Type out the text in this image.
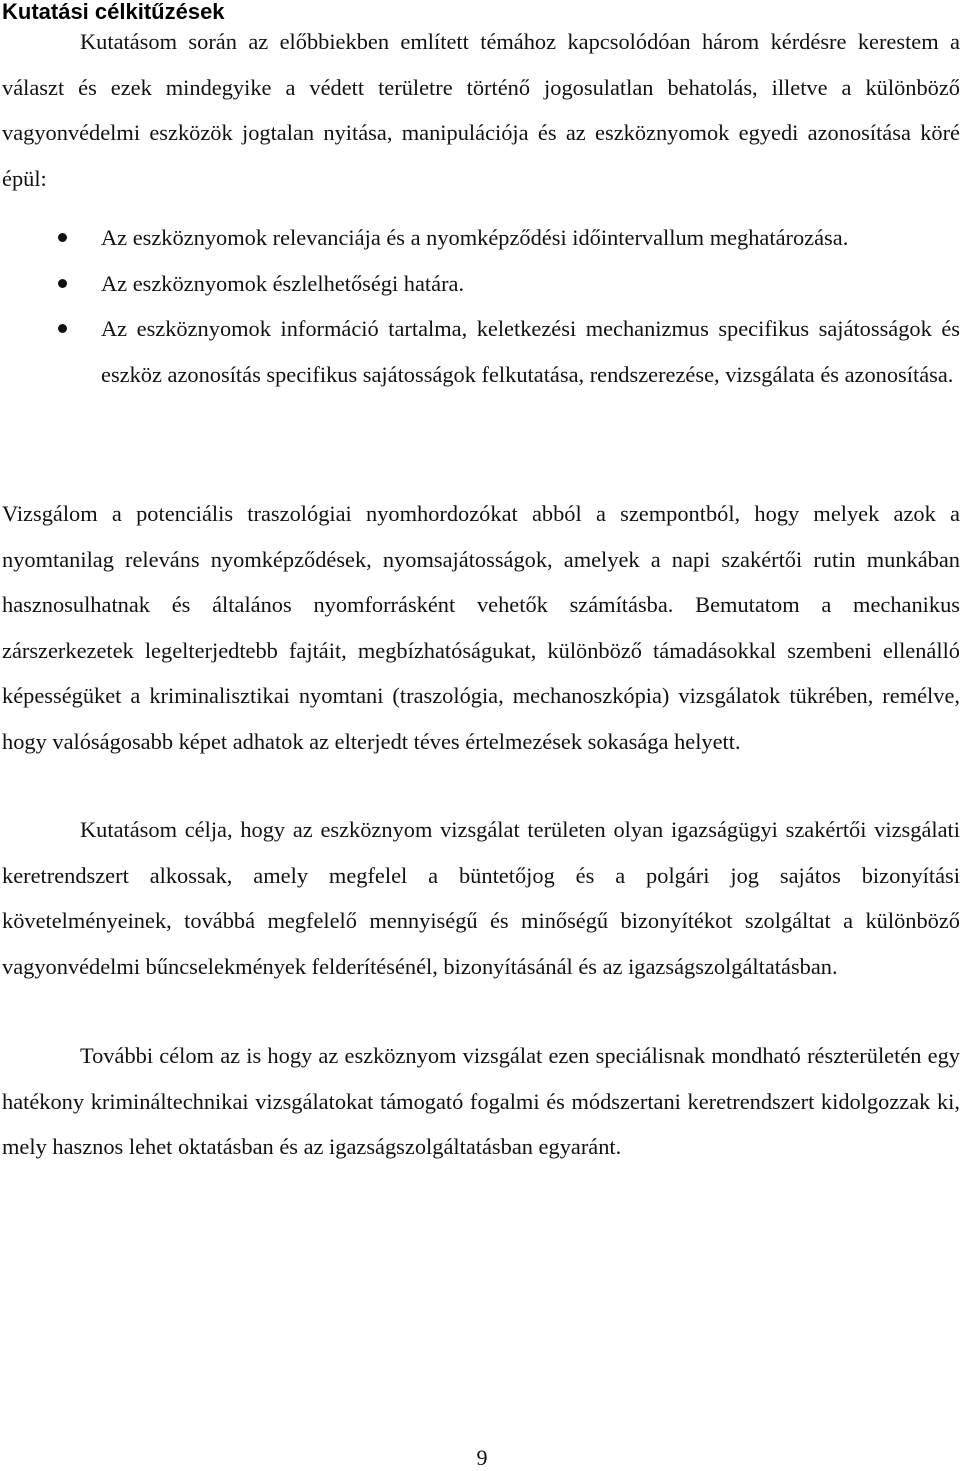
Kutatási célkitűzések

Kutatásom során az előbbiekben említett témához kapcsolódóan három kérdésre kerestem a választ és ezek mindegyike a védett területre történő jogosulatlan behatolás, illetve a különböző vagyonvédelmi eszközök jogtalan nyitása, manipulációja és az eszköznyomok egyedi azonosítása köré épül:

Az eszköznyomok relevanciája és a nyomképződési időintervallum meghatározása.

Az eszköznyomok észlelhetőségi határa.

Az eszköznyomok információ tartalma, keletkezési mechanizmus specifikus sajátosságok és eszköz azonosítás specifikus sajátosságok felkutatása, rendszerezése, vizsgálata és azonosítása.

Vizsgálom a potenciális traszológiai nyomhordozókat abból a szempontból, hogy melyek azok a nyomtanilag releváns nyomképződések, nyomsajátosságok, amelyek a napi szakértői rutin munkában hasznosulhatnak és általános nyomforrásként vehetők számításba. Bemutatom a mechanikus zárszerkezetek legelterjedtebb fajtáit, megbízhatóságukat, különböző támadásokkal szembeni ellenálló képességüket a kriminalisztikai nyomtani (traszológia, mechanoszkópia) vizsgálatok tükrében, remélve, hogy valóságosabb képet adhatok az elterjedt téves értelmezések sokasága helyett.

Kutatásom célja, hogy az eszköznyom vizsgálat területen olyan igazságügyi szakértői vizsgálati keretrendszert alkossak, amely megfelel a büntetőjog és a polgári jog sajátos bizonyítási követelményeinek, továbbá megfelelő mennyiségű és minőségű bizonyítékot szolgáltat a különböző vagyonvédelmi bűncselekmények felderítésénél, bizonyításánál és az igazságszolgáltatásban.

További célom az is hogy az eszköznyom vizsgálat ezen speciálisnak mondható részterületén egy hatékony krimináltechnikai vizsgálatokat támogató fogalmi és módszertani keretrendszert kidolgozzak ki, mely hasznos lehet oktatásban és az igazságszolgáltatásban egyaránt.

9
